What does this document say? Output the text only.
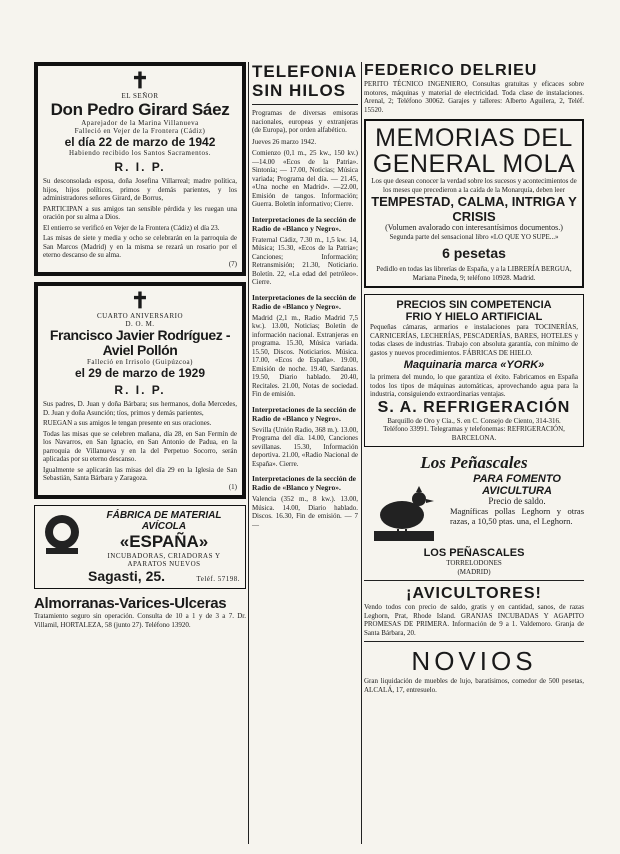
✝
EL SEÑOR
Don Pedro Girard Sáez
Aparejador de la Marina Villanueva
Falleció en Vejer de la Frontera (Cádiz)
el día 22 de marzo de 1942
Habiendo recibido los Santos Sacramentos.
R. I. P.
Su desconsolada esposa, doña Josefina Villarreal; madre política, hijos, hijos políticos, primos y demás parientes, y los administradores señores Girard, de Borrus,
PARTICIPAN a sus amigos tan sensible pérdida y les ruegan una oración por su alma a Dios.
El entierro se verificó en Vejer de la Frontera (Cádiz) el día 23.
Las misas de siete y media y ocho se celebrarán en la parroquia de San Marcos (Madrid) y en la misma se rezará un rosario por el eterno descanso de su alma.
(7)
✝
CUARTO ANIVERSARIO
D. O. M.
Francisco Javier Rodríguez - Aviel Pollón
Falleció en Irrisolo (Guipúzcoa)
el 29 de marzo de 1929
R. I. P.
Sus padres, D. Juan y doña Bárbara; sus hermanos, doña Mercedes, D. Juan y doña Asunción; tíos, primos y demás parientes,
RUEGAN a sus amigos le tengan presente en sus oraciones.
Todas las misas que se celebren mañana, día 28, en San Fermín de los Navarros, en San Ignacio, en San Antonio de Padua, en la parroquia de Villanueva y en la del Perpetuo Socorro, serán aplicadas por su eterno descanso.
Igualmente se aplicarán las misas del día 29 en la Iglesia de San Sebastián, Santa Bárbara y Zaragoza.
(1)
FÁBRICA DE MATERIAL AVÍCOLA
«ESPAÑA»
INCUBADORAS, CRIADORAS Y APARATOS NUEVOS
Sagasti, 25.	Teléf. 57198.
Almorranas-Varices-Ulceras
Tratamiento seguro sin operación. Consulta de 10 a 1 y de 3 a 7. Dr. Villamil, HORTALEZA, 58 (junto 27). Teléfono 13920.
TELEFONIA SIN HILOS
Programas de diversas emisoras nacionales, europeas y extranjeras (de Europa), por orden alfabético.
Jueves 26 marzo 1942.
Comienzo (0,1 m., 25 kw., 150 kv.) —14.00 «Ecos de la Patria». Sintonía; — 17.00, Noticias; Música variada; Programa del día. — 21.45, «Una noche en Madrid». —22.00, Emisión de tangos. Información; Guerra. Boletín informativo; Cierre.
Interpretaciones de la sección de Radio de «Blanco y Negro».
Fraternal Cádiz, 7.30 m., 1,5 kw. 14, Música; 15.30, «Ecos de la Patria»; Canciones; Información; Retransmisión; 21.30, Noticiario. Boletín. 22, «La edad del petróleo». Cierre.
Interpretaciones de la sección de Radio de «Blanco y Negro».
Madrid (2,1 m., Radio Madrid 7,5 kw.). 13.00, Noticias; Boletín de información nacional. Extranjeras en programa. 15.30, Música variada. 15.50, Discos. Noticiarios. Música. 17.00, «Ecos de España». 19.00, Emisión de noche. 19.40, Sardanas. 19.50, Diario hablado. 20.40, Recitales. 21.00, Notas de sociedad. Fin de emisión.
Interpretaciones de la sección de Radio de «Blanco y Negro».
Sevilla (Unión Radio, 368 m.). 13.00, Programa del día. 14.00, Canciones sevillanas. 15.30, Información deportiva. 21.00, «Radio Nacional de España». Cierre.
Interpretaciones de la sección de Radio de «Blanco y Negro».
Valencia (352 m., 8 kw.). 13.00, Música. 14.00, Diario hablado. Discos. 16.30, Fin de emisión. — 7 —
FEDERICO DELRIEU
PERITO TÉCNICO INGENIERO, Consultas gratuitas y eficaces sobre motores, máquinas y material de electricidad. Toda clase de instalaciones. Arenal, 2; Teléfono 30062. Garajes y talleres: Alberto Aguilera, 2, Teléf. 15520.
MEMORIAS DEL
GENERAL MOLA
Los que desean conocer la verdad sobre los sucesos y acontecimientos de los meses que precedieron a la caída de la Monarquía, deben leer
TEMPESTAD, CALMA, INTRIGA Y CRISIS
(Volumen avalorado con interesantísimos documentos.)
Segunda parte del sensacional libro «LO QUE YO SUPE...»
6 pesetas
Pedidlo en todas las librerías de España, y a la LIBRERÍA BERGUA, Mariana Pineda, 9; teléfono 10928. Madrid.
PRECIOS SIN COMPETENCIA
FRIO Y HIELO ARTIFICIAL
Pequeñas cámaras, armarios e instalaciones para TOCINERÍAS, CARNICERÍAS, LECHERÍAS, PESCADERÍAS, BARES, HOTELES y todas clases de industrias. Trabajo con absoluta garantía, con mínimo de gastos y nuevos procedimientos. FÁBRICAS DE HIELO.
Maquinaria marca «YORK»
la primera del mundo, lo que garantiza el éxito. Fabricamos en España todos los tipos de máquinas automáticas, aprovechando agua para la industria, consiguiendo extraordinarias ventajas.
S. A. REFRIGERACIÓN
Barquillo de Oro y Cía., S. en C. Consejo de Ciento, 314-316.
Teléfono 33991. Telegramas y telefonemas: REFRIGERACIÓN, BARCELONA.
Los Peñascales
PARA FOMENTO
AVICULTURA
Precio de saldo.
Magníficas pollas Leghorn y otras razas, a 10,50 ptas. una, el Leghorn.
LOS PEÑASCALES
TORRELODONES
(MADRID)
¡AVICULTORES!
Vendo todos con precio de saldo, gratis y en cantidad, sanos, de razas Leghorn, Prat, Rhode Island. GRANJAS INCUBADAS Y AGAPITO PROMESAS DE PRIMERA. Información de 9 a 1. Valdemoro. Granja de Santa Bárbara, 20.
NOVIOS
Gran liquidación de muebles de lujo, baratísimos, comedor de 500 pesetas, ALCALÁ, 17, entresuelo.
